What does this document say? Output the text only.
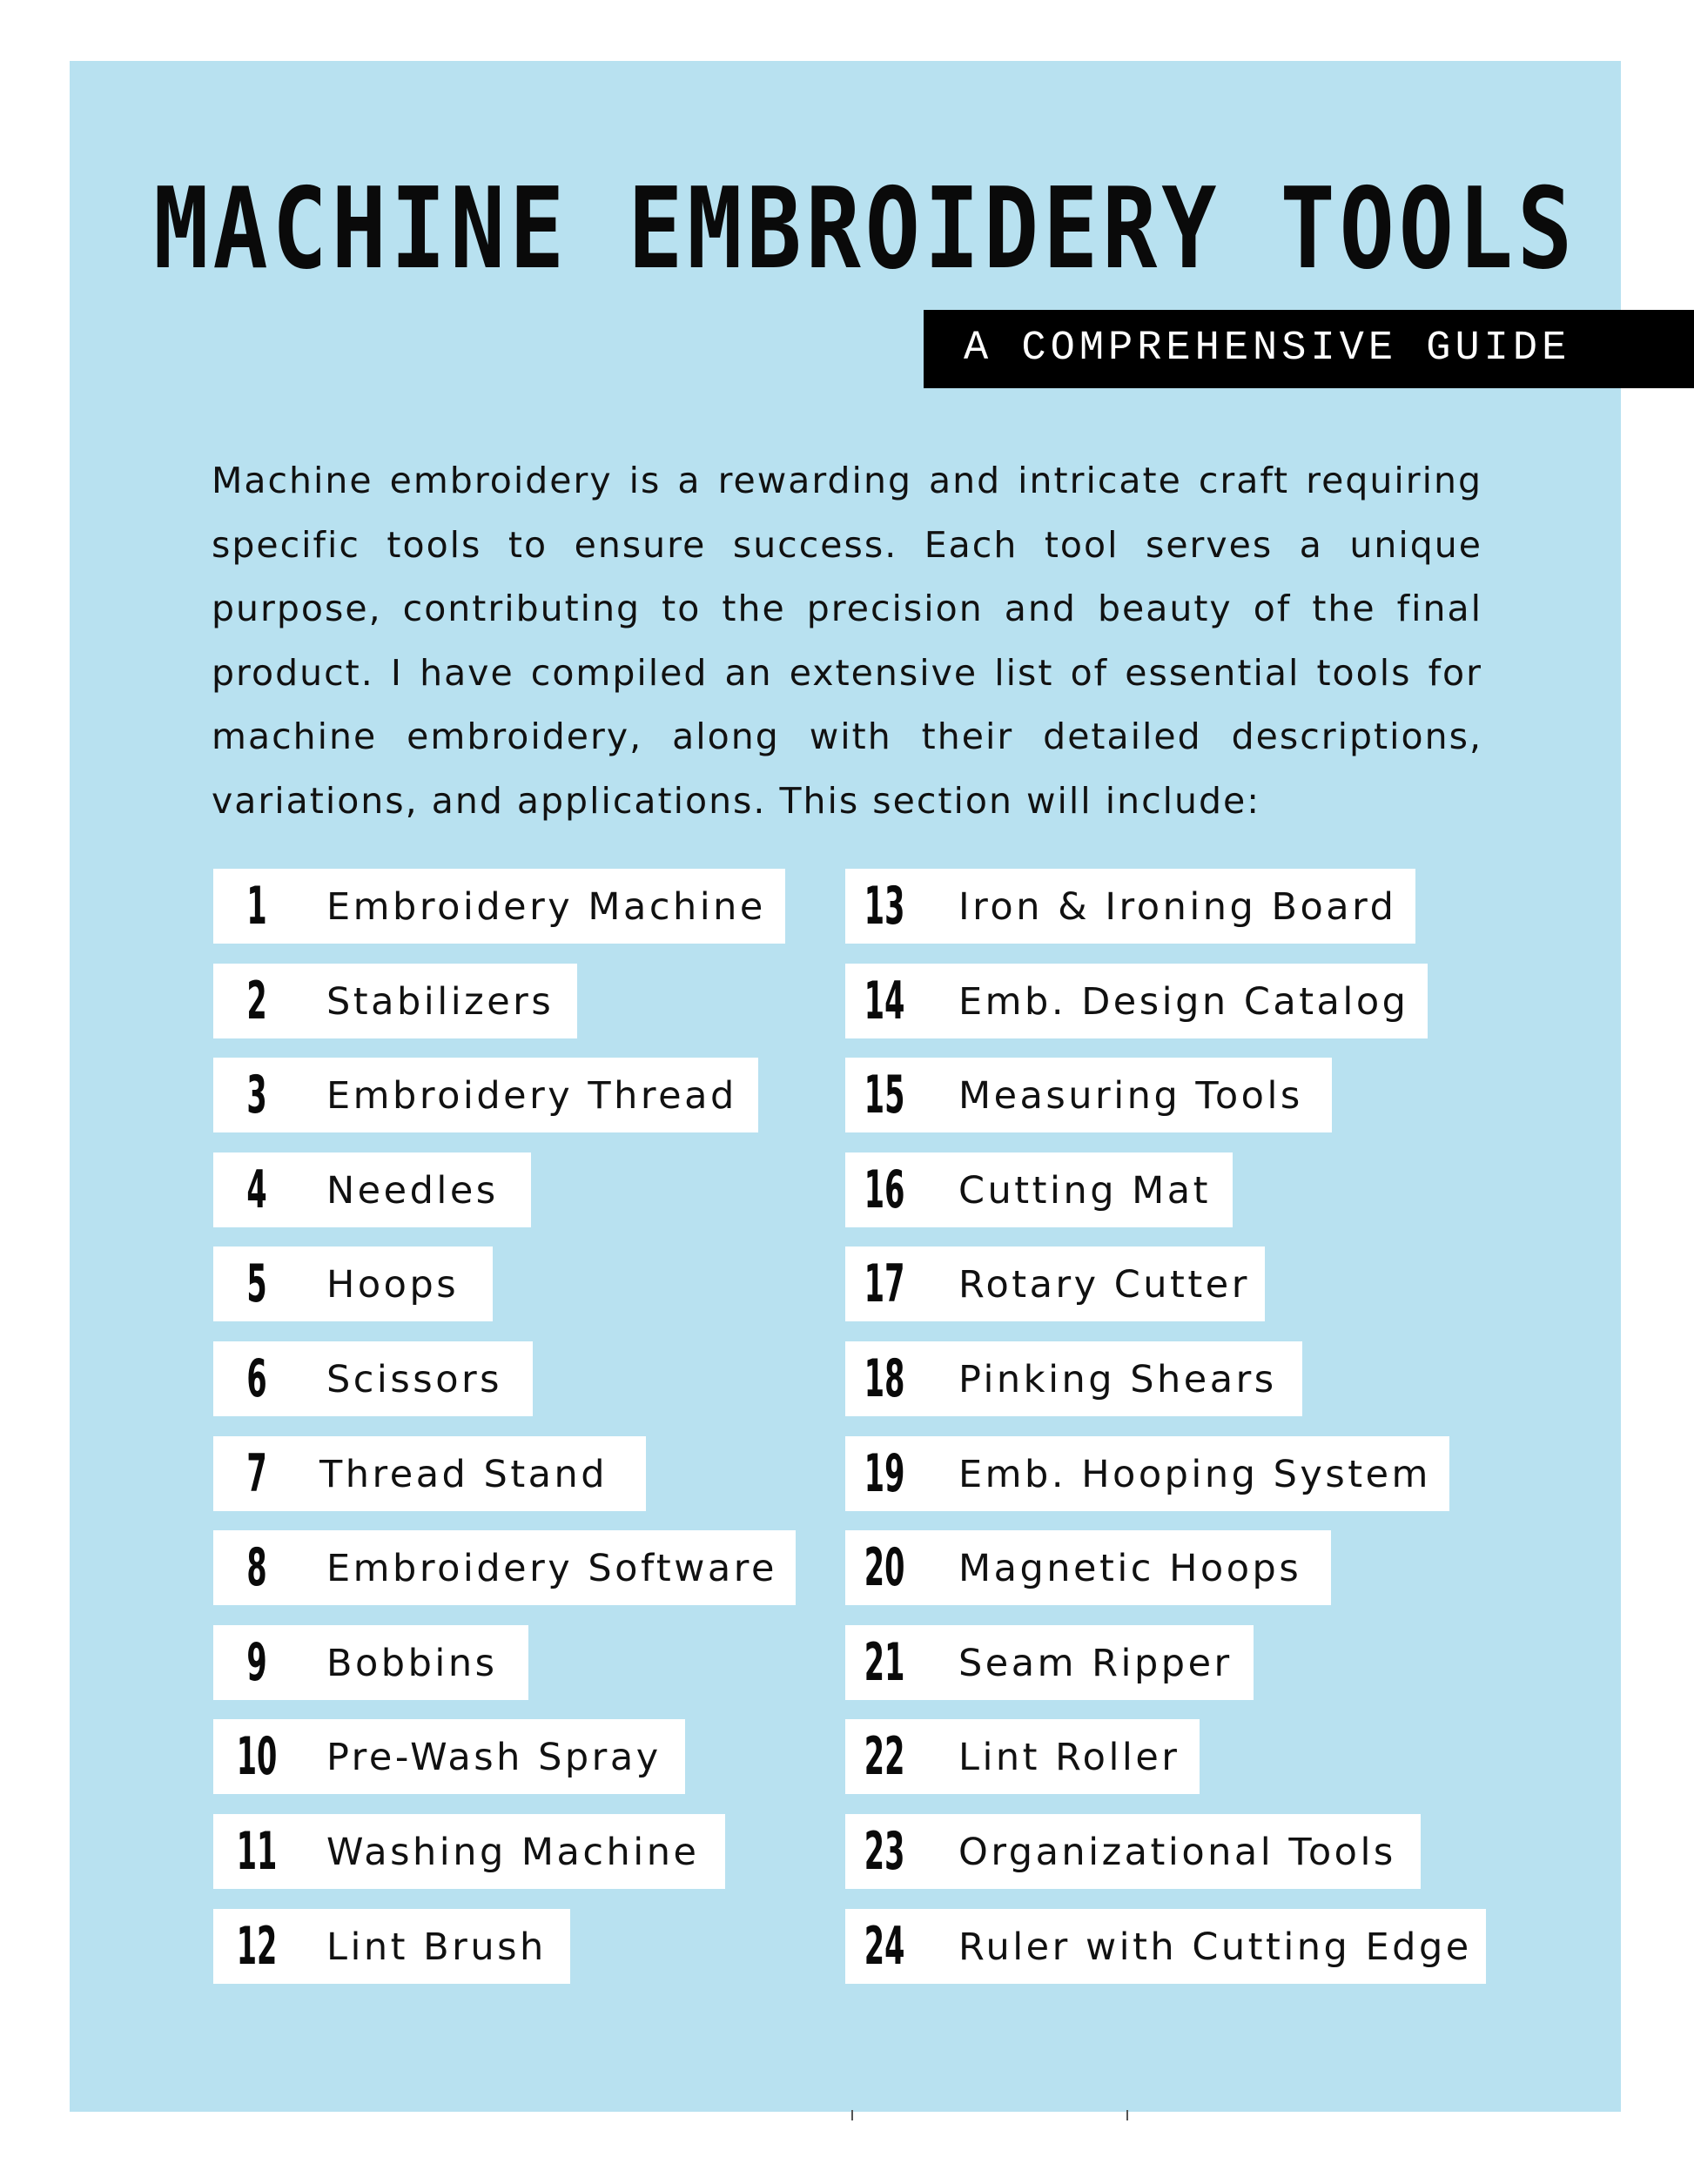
MACHINE EMBROIDERY TOOLS
A COMPREHENSIVE GUIDE
Machine embroidery is a rewarding and intricate craft requiring specific tools to ensure success. Each tool serves a unique purpose, contributing to the precision and beauty of the final product. I have compiled an extensive list of essential tools for machine embroidery, along with their detailed descriptions, variations, and applications. This section will include:
1	Embroidery Machine
2	Stabilizers
3	Embroidery Thread
4	Needles
5	Hoops
6	Scissors
7	Thread Stand
8	Embroidery Software
9	Bobbins
10 Pre-Wash Spray
11 Washing Machine
12 Lint Brush
13 Iron & Ironing Board
14 Emb. Design Catalog
15 Measuring Tools
16 Cutting Mat
17 Rotary Cutter
18 Pinking Shears
19 Emb. Hooping System
20 Magnetic Hoops
21 Seam Ripper
22 Lint Roller
23 Organizational Tools
24 Ruler with Cutting Edge
